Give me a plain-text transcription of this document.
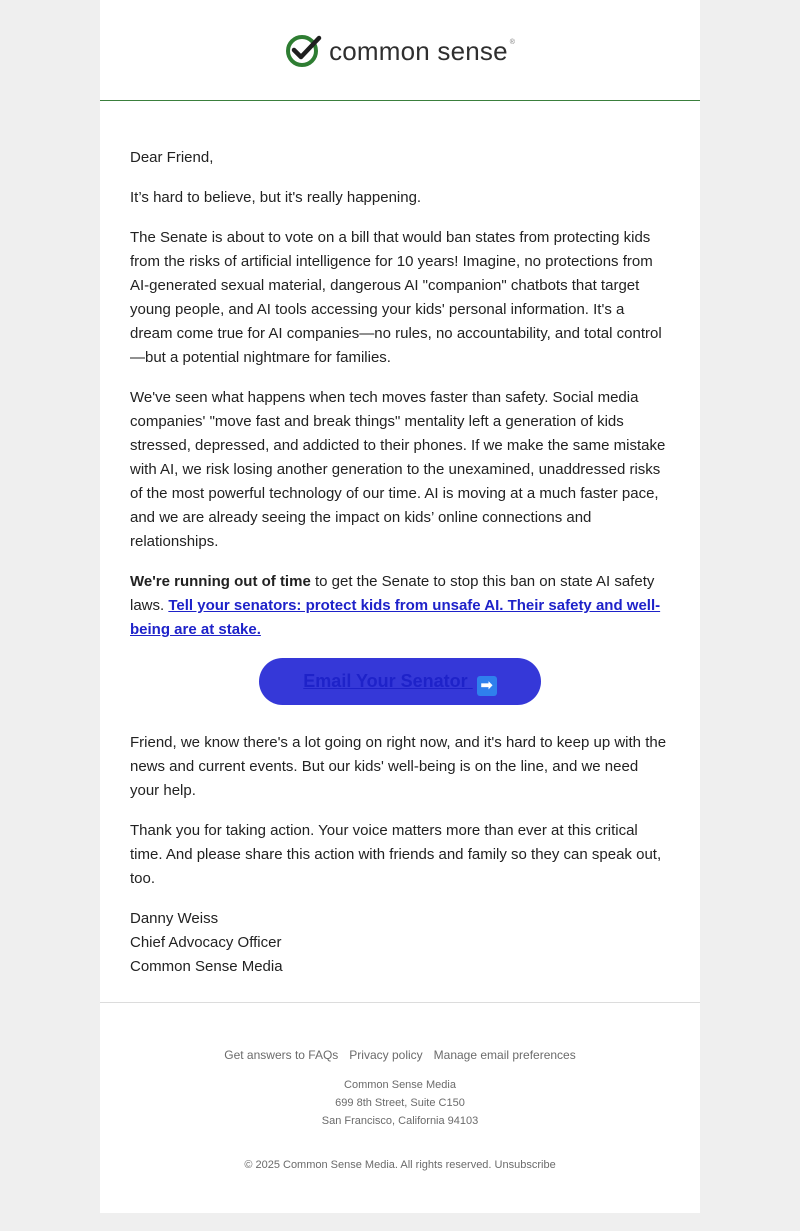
common sense ®

Dear Friend,

It’s hard to believe, but it's really happening.

The Senate is about to vote on a bill that would ban states from protecting kids from the risks of artificial intelligence for 10 years! Imagine, no protections from AI-generated sexual material, dangerous AI "companion" chatbots that target young people, and AI tools accessing your kids' personal information. It's a dream come true for AI companies—no rules, no accountability, and total control—but a potential nightmare for families.

We've seen what happens when tech moves faster than safety. Social media companies' "move fast and break things" mentality left a generation of kids stressed, depressed, and addicted to their phones. If we make the same mistake with AI, we risk losing another generation to the unexamined, unaddressed risks of the most powerful technology of our time. AI is moving at a much faster pace, and we are already seeing the impact on kids’ online connections and relationships.

We're running out of time to get the Senate to stop this ban on state AI safety laws. Tell your senators: protect kids from unsafe AI. Their safety and well-being are at stake.

Email Your Senator ➡

Friend, we know there's a lot going on right now, and it's hard to keep up with the news and current events. But our kids' well-being is on the line, and we need your help.

Thank you for taking action. Your voice matters more than ever at this critical time. And please share this action with friends and family so they can speak out, too.

Danny Weiss
Chief Advocacy Officer
Common Sense Media
Get answers to FAQs Privacy policy Manage email preferences
Common Sense Media
699 8th Street, Suite C150
San Francisco, California 94103
© 2025 Common Sense Media. All rights reserved. Unsubscribe
